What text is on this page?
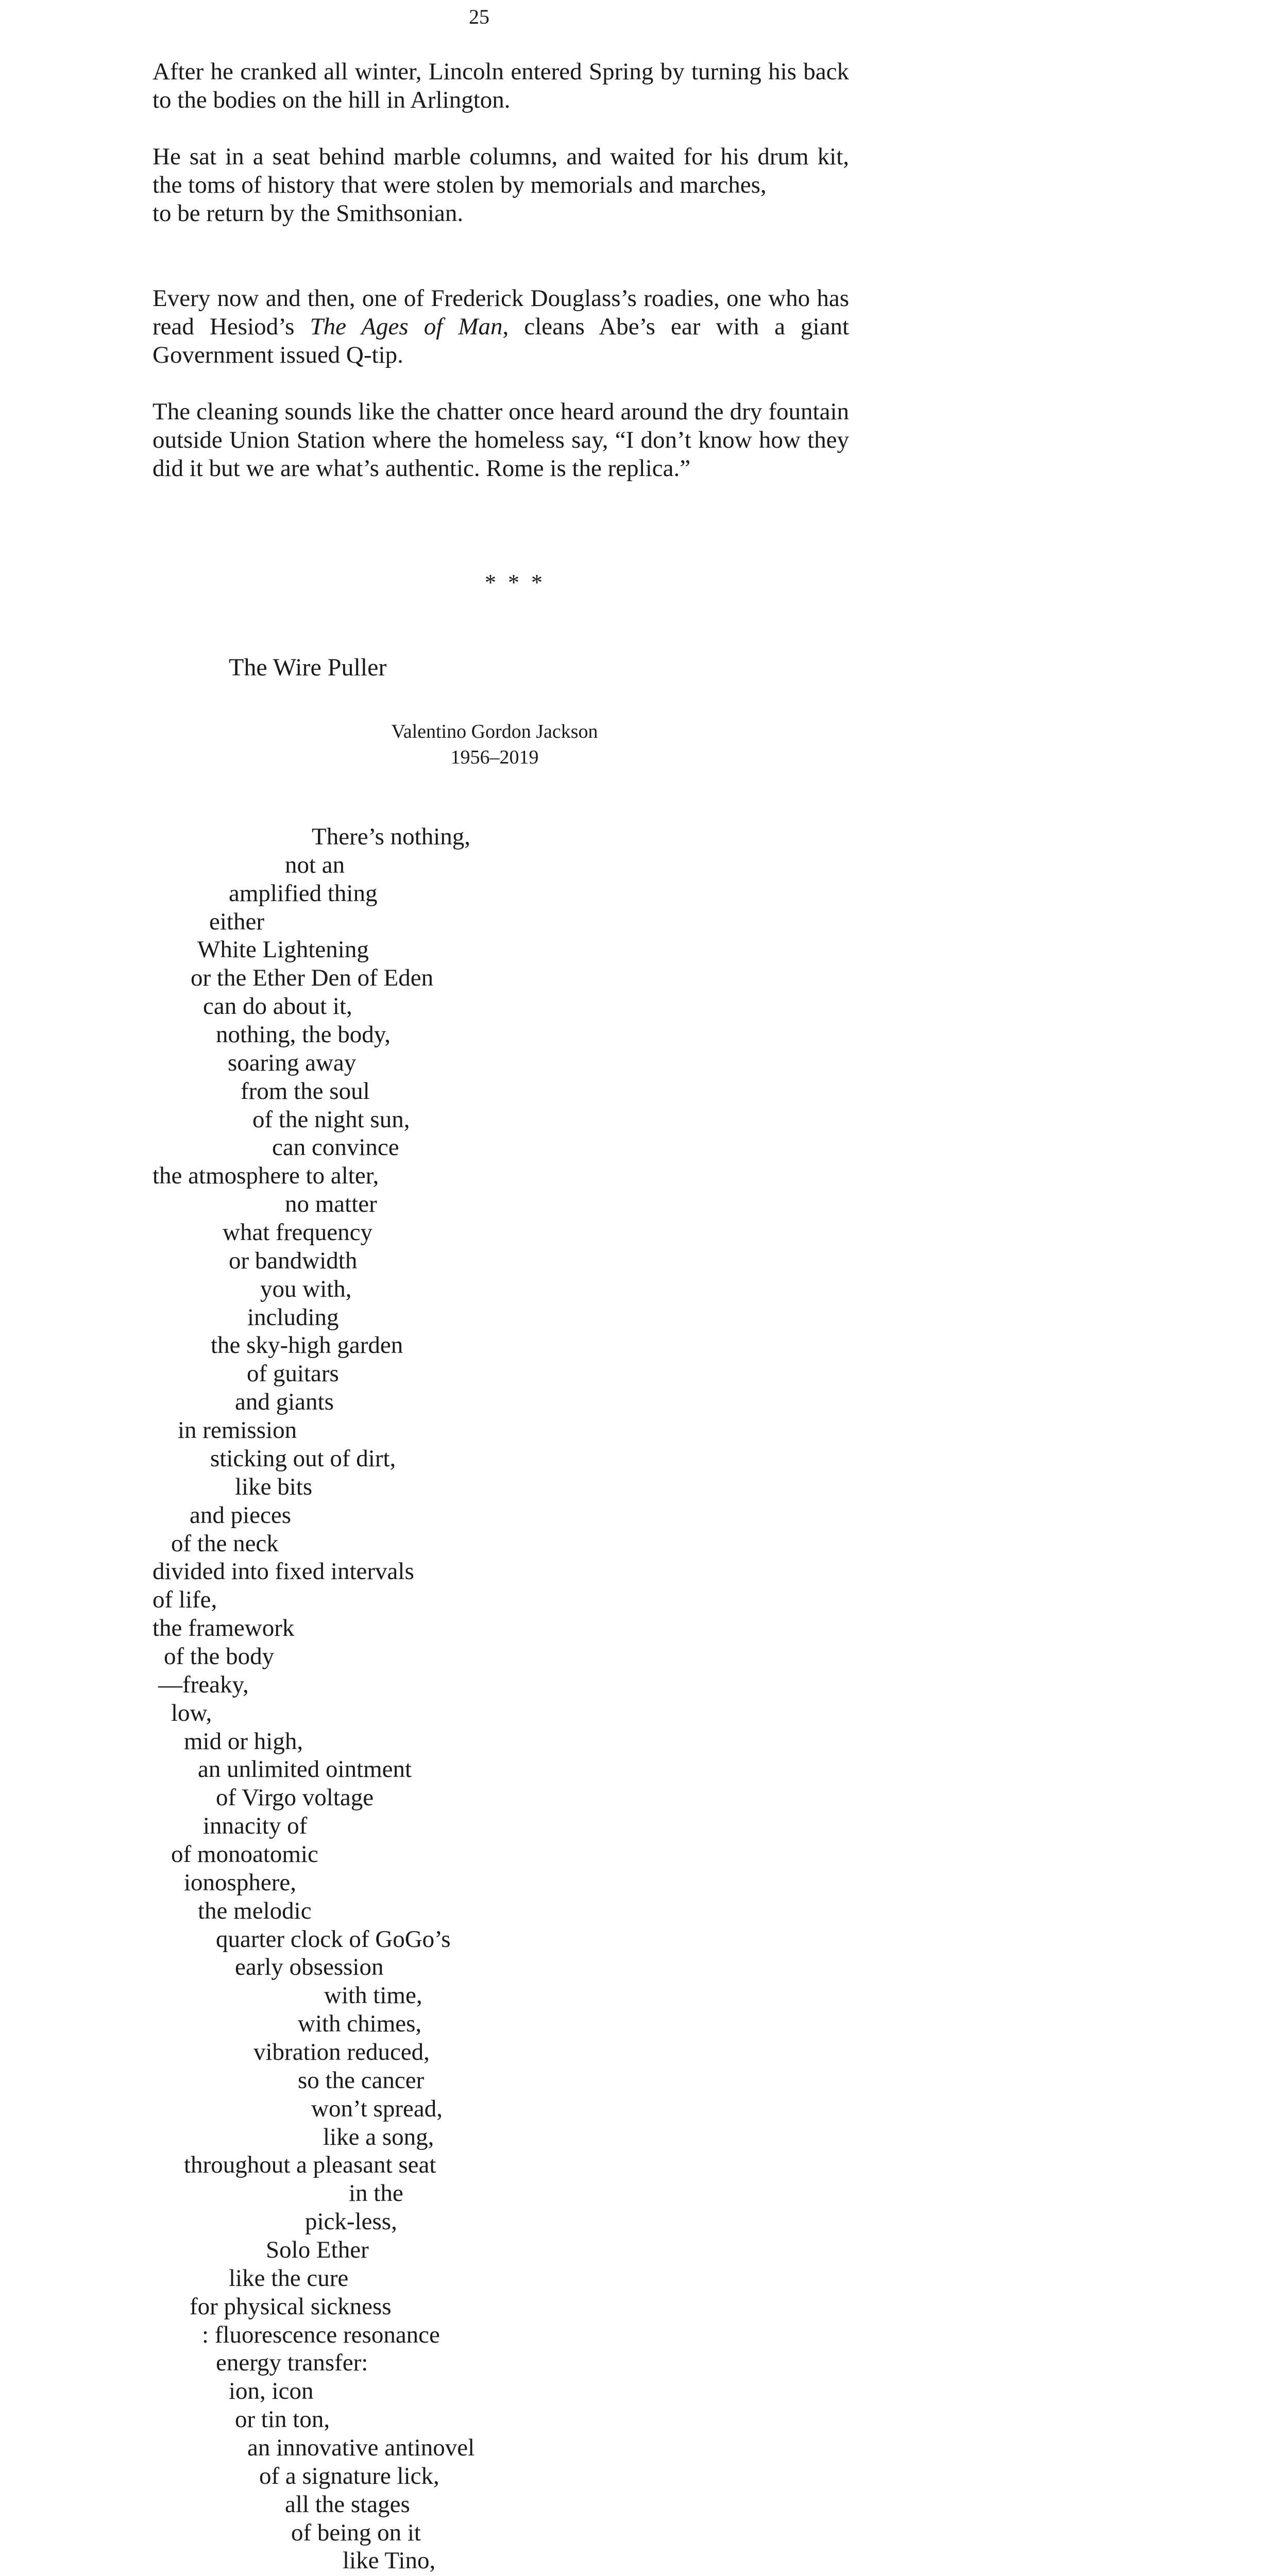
25

After he cranked all winter, Lincoln entered Spring by turning his back to the bodies on the hill in Arlington.

He sat in a seat behind marble columns, and waited for his drum kit, the toms of history that were stolen by memorials and marches,

to be return by the Smithsonian.

Every now and then, one of Frederick Douglass’s roadies, one who has read Hesiod’s The Ages of Man, cleans Abe’s ear with a giant Government issued Q-tip.

The cleaning sounds like the chatter once heard around the dry fountain outside Union Station where the homeless say, “I don’t know how they did it but we are what’s authentic. Rome is the replica.”

* * *
The Wire Puller
Valentino Gordon Jackson
1956–2019
There’s nothing,
not an
amplified thing
either
White Lightening
or the Ether Den of Eden
can do about it,
nothing, the body,
soaring away
from the soul
of the night sun,
can convince
the atmosphere to alter,
no matter
what frequency
or bandwidth
you with,
including
the sky-high garden
of guitars
and giants
in remission
sticking out of dirt,
like bits
and pieces
of the neck
divided into fixed intervals
of life,
the framework
of the body
—freaky,
low,
mid or high,
an unlimited ointment
of Virgo voltage
innacity of
of monoatomic
ionosphere,
the melodic
quarter clock of GoGo’s
early obsession
with time,
with chimes,
vibration reduced,
so the cancer
won’t spread,
like a song,
throughout a pleasant seat
in the
pick-less,
Solo Ether
like the cure
for physical sickness
: fluorescence resonance
energy transfer:
ion, icon
or tin ton,
an innovative antinovel
of a signature lick,
all the stages
of being on it
like Tino,
